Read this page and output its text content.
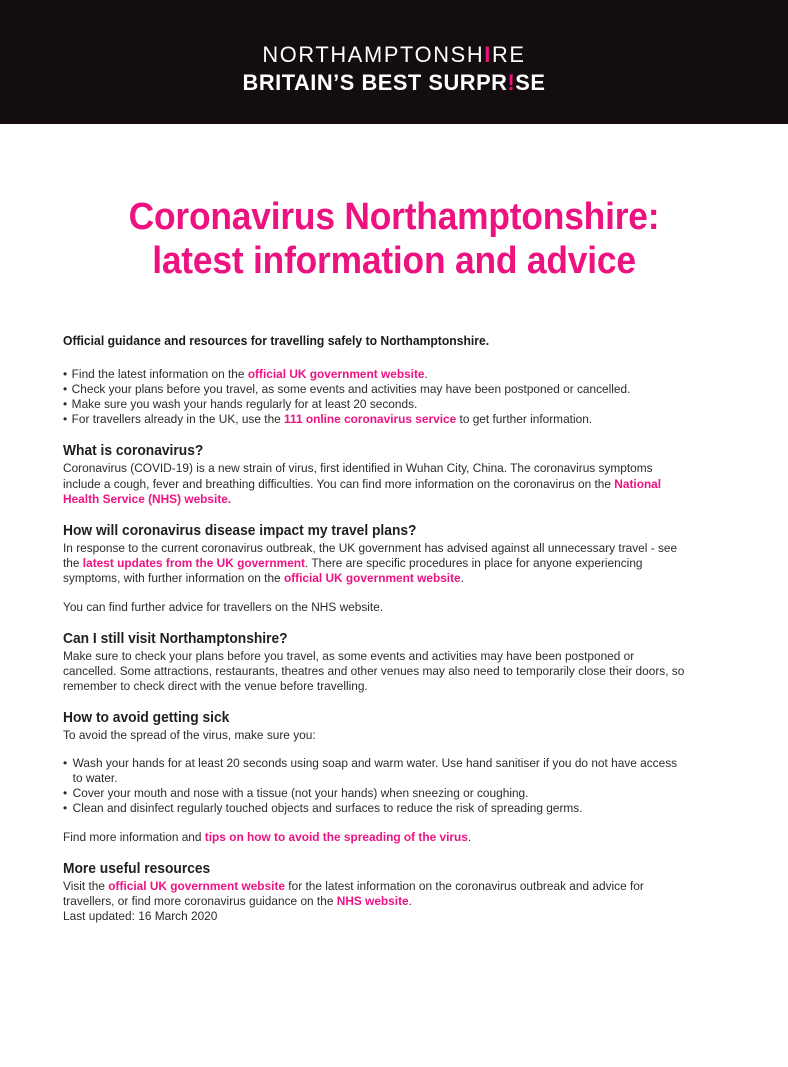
NORTHAMPTONSHIRE
BRITAIN’S BEST SURPR!SE
Coronavirus Northamptonshire:
latest information and advice

Official guidance and resources for travelling safely to Northamptonshire.

• Find the latest information on the official UK government website.
• Check your plans before you travel, as some events and activities may have been postponed or cancelled.
• Make sure you wash your hands regularly for at least 20 seconds.
• For travellers already in the UK, use the 111 online coronavirus service to get further information.
What is coronavirus?

Coronavirus (COVID-19) is a new strain of virus, first identified in Wuhan City, China. The coronavirus symptoms include a cough, fever and breathing difficulties. You can find more information on the coronavirus on the National Health Service (NHS) website.

How will coronavirus disease impact my travel plans?

In response to the current coronavirus outbreak, the UK government has advised against all unnecessary travel - see the latest updates from the UK government. There are specific procedures in place for anyone experiencing symptoms, with further information on the official UK government website.

You can find further advice for travellers on the NHS website.

Can I still visit Northamptonshire?

Make sure to check your plans before you travel, as some events and activities may have been postponed or cancelled. Some attractions, restaurants, theatres and other venues may also need to temporarily close their doors, so remember to check direct with the venue before travelling.

How to avoid getting sick

To avoid the spread of the virus, make sure you:

• Wash your hands for at least 20 seconds using soap and warm water. Use hand sanitiser if you do not have access to water.
• Cover your mouth and nose with a tissue (not your hands) when sneezing or coughing.
• Clean and disinfect regularly touched objects and surfaces to reduce the risk of spreading germs.

Find more information and tips on how to avoid the spreading of the virus.

More useful resources

Visit the official UK government website for the latest information on the coronavirus outbreak and advice for travellers, or find more coronavirus guidance on the NHS website.

Last updated: 16 March 2020
